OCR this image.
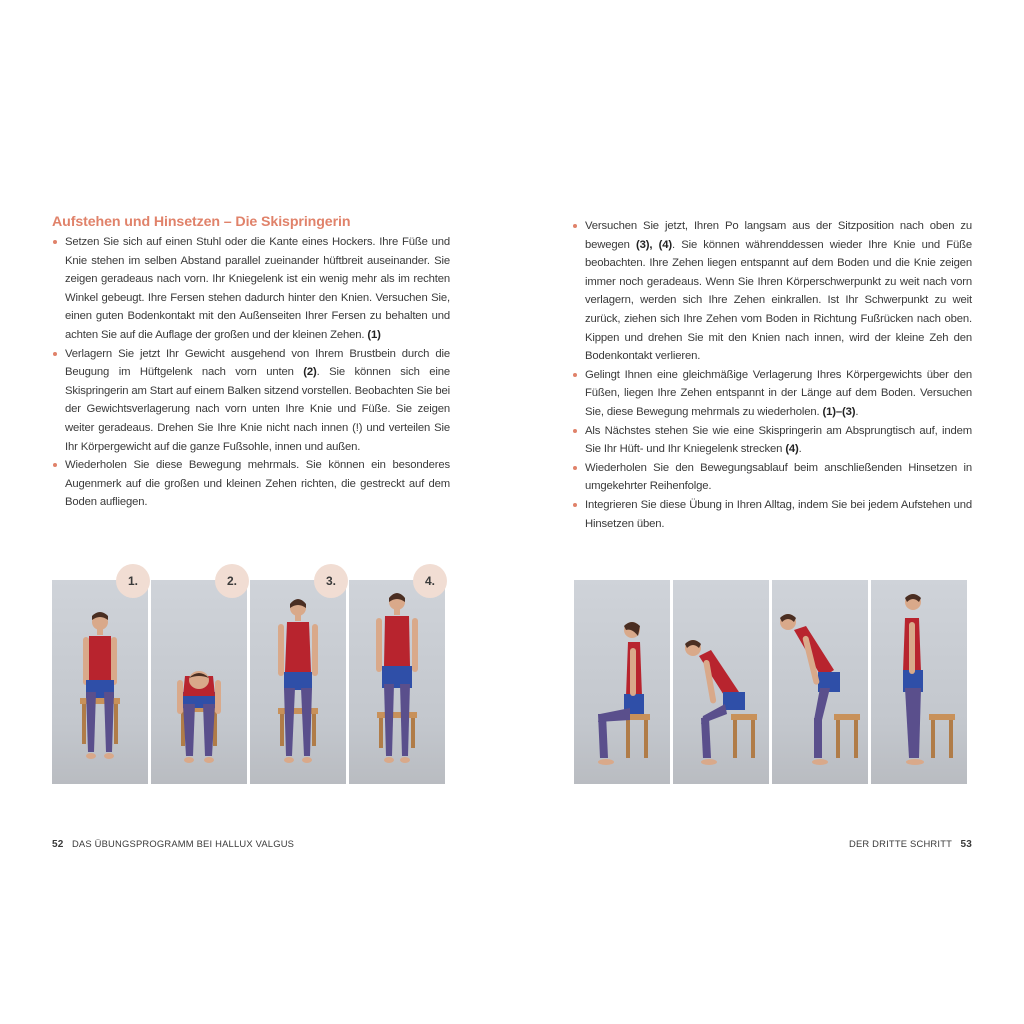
Aufstehen und Hinsetzen – Die Skispringerin
Setzen Sie sich auf einen Stuhl oder die Kante eines Hockers. Ihre Füße und Knie stehen im selben Abstand parallel zueinander hüftbreit auseinander. Sie zeigen geradeaus nach vorn. Ihr Kniegelenk ist ein wenig mehr als im rechten Winkel gebeugt. Ihre Fersen stehen dadurch hinter den Knien. Versuchen Sie, einen guten Bodenkontakt mit den Außenseiten Ihrer Fersen zu behalten und achten Sie auf die Auflage der großen und der kleinen Zehen. (1)
Verlagern Sie jetzt Ihr Gewicht ausgehend von Ihrem Brustbein durch die Beugung im Hüftgelenk nach vorn unten (2). Sie können sich eine Skispringerin am Start auf einem Balken sitzend vorstellen. Beobachten Sie bei der Gewichtsverlagerung nach vorn unten Ihre Knie und Füße. Sie zeigen weiter geradeaus. Drehen Sie Ihre Knie nicht nach innen (!) und verteilen Sie Ihr Körpergewicht auf die ganze Fußsohle, innen und außen.
Wiederholen Sie diese Bewegung mehrmals. Sie können ein besonderes Augenmerk auf die großen und kleinen Zehen richten, die gestreckt auf dem Boden aufliegen.
Versuchen Sie jetzt, Ihren Po langsam aus der Sitzposition nach oben zu bewegen (3), (4). Sie können währenddessen wieder Ihre Knie und Füße beobachten. Ihre Zehen liegen entspannt auf dem Boden und die Knie zeigen immer noch geradeaus. Wenn Sie Ihren Körperschwerpunkt zu weit nach vorn verlagern, werden sich Ihre Zehen einkrallen. Ist Ihr Schwerpunkt zu weit zurück, ziehen sich Ihre Zehen vom Boden in Richtung Fußrücken nach oben. Kippen und drehen Sie mit den Knien nach innen, wird der kleine Zeh den Bodenkontakt verlieren.
Gelingt Ihnen eine gleichmäßige Verlagerung Ihres Körpergewichts über den Füßen, liegen Ihre Zehen entspannt in der Länge auf dem Boden. Versuchen Sie, diese Bewegung mehrmals zu wiederholen. (1)–(3).
Als Nächstes stehen Sie wie eine Skispringerin am Absprungtisch auf, indem Sie Ihr Hüft- und Ihr Kniegelenk strecken (4).
Wiederholen Sie den Bewegungsablauf beim anschließenden Hinsetzen in umgekehrter Reihenfolge.
Integrieren Sie diese Übung in Ihren Alltag, indem Sie bei jedem Aufstehen und Hinsetzen üben.
1.	2.	3.	4.
52 DAS ÜBUNGSPROGRAMM BEI HALLUX VALGUS	DER DRITTE SCHRITT 53
